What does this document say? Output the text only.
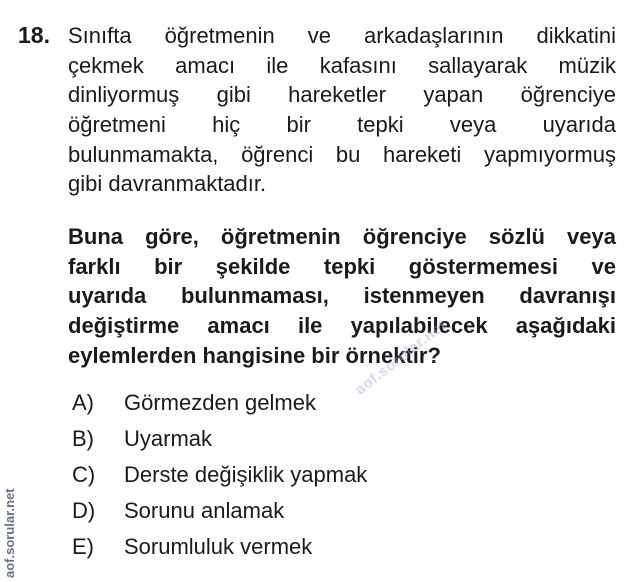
18. Sınıfta öğretmenin ve arkadaşlarının dikkatini
çekmek amacı ile kafasını sallayarak müzik
dinliyormuş gibi hareketler yapan öğrenciye
öğretmeni hiç bir tepki veya uyarıda
bulunmamakta, öğrenci bu hareketi yapmıyormuş
gibi davranmaktadır.
Buna göre, öğretmenin öğrenciye sözlü veya
farklı bir şekilde tepki göstermemesi ve
uyarıda bulunmaması, istenmeyen davranışı
değiştirme amacı ile yapılabilecek aşağıdaki
eylemlerden hangisine bir örnektir?
A) Görmezden gelmek
B) Uyarmak
C) Derste değişiklik yapmak
D) Sorunu anlamak
E) Sorumluluk vermek
aof.sorular.net
aof.sorular.net
